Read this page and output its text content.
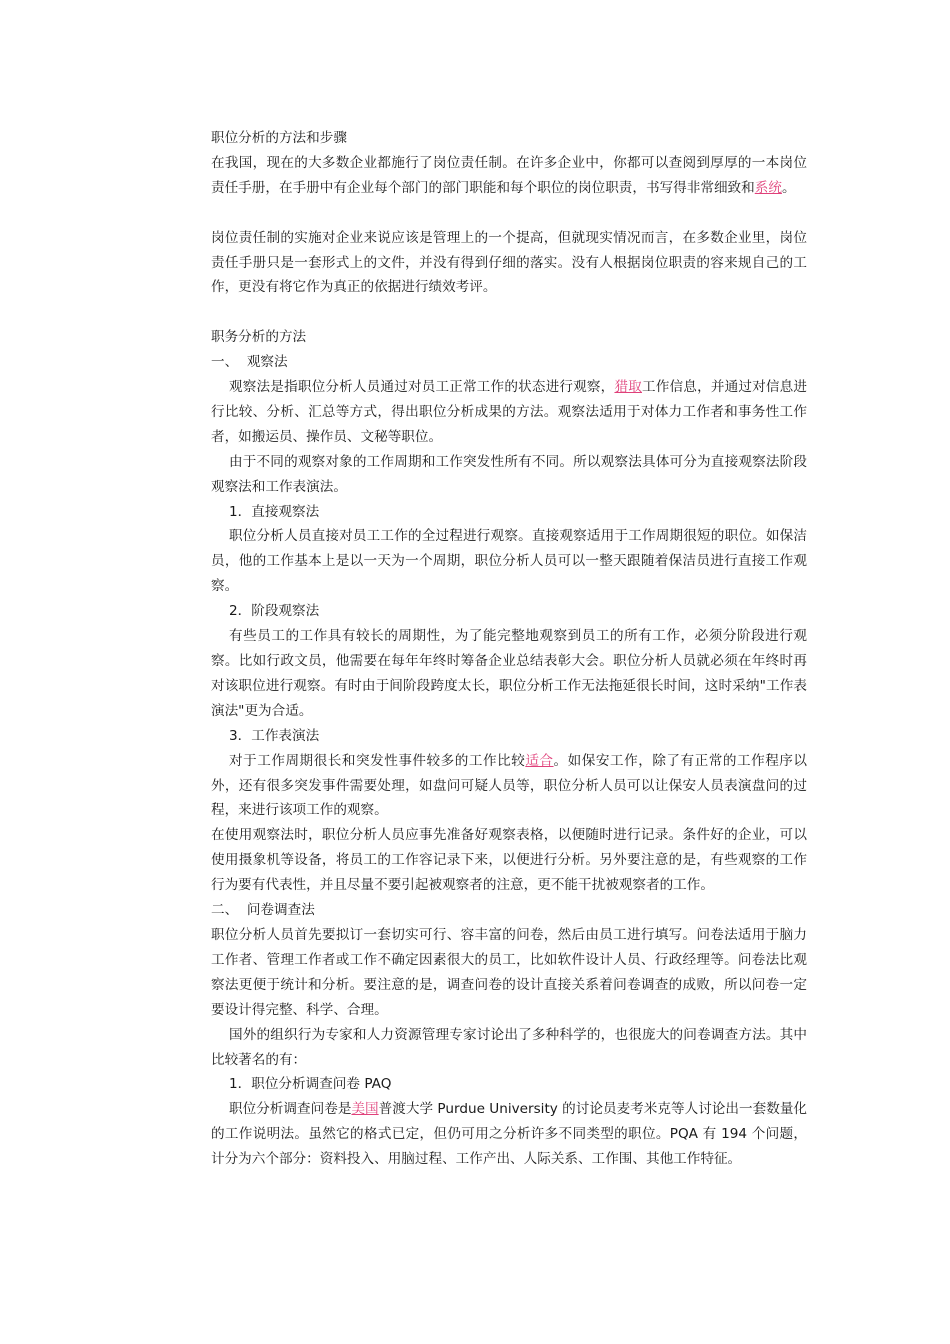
职位分析的方法和步骤

在我国，现在的大多数企业都施行了岗位责任制。在许多企业中，你都可以查阅到厚厚的一本岗位责任手册，在手册中有企业每个部门的部门职能和每个职位的岗位职责，书写得非常细致和系统。

岗位责任制的实施对企业来说应该是管理上的一个提高，但就现实情况而言，在多数企业里，岗位责任手册只是一套形式上的文件，并没有得到仔细的落实。没有人根据岗位职责的容来规自己的工作，更没有将它作为真正的依据进行绩效考评。

职务分析的方法

一、  观察法

观察法是指职位分析人员通过对员工正常工作的状态进行观察，猎取工作信息，并通过对信息进行比较、分析、汇总等方式，得出职位分析成果的方法。观察法适用于对体力工作者和事务性工作者，如搬运员、操作员、文秘等职位。

由于不同的观察对象的工作周期和工作突发性所有不同。所以观察法具体可分为直接观察法阶段观察法和工作表演法。

1．直接观察法

职位分析人员直接对员工工作的全过程进行观察。直接观察适用于工作周期很短的职位。如保洁员，他的工作基本上是以一天为一个周期，职位分析人员可以一整天跟随着保洁员进行直接工作观察。

2．阶段观察法

有些员工的工作具有较长的周期性，为了能完整地观察到员工的所有工作，必须分阶段进行观察。比如行政文员，他需要在每年年终时筹备企业总结表彰大会。职位分析人员就必须在年终时再对该职位进行观察。有时由于间阶段跨度太长，职位分析工作无法拖延很长时间，这时采纳"工作表演法"更为合适。

3．工作表演法

对于工作周期很长和突发性事件较多的工作比较适合。如保安工作，除了有正常的工作程序以外，还有很多突发事件需要处理，如盘问可疑人员等，职位分析人员可以让保安人员表演盘问的过程，来进行该项工作的观察。

在使用观察法时，职位分析人员应事先准备好观察表格，以便随时进行记录。条件好的企业，可以使用摄象机等设备，将员工的工作容记录下来，以便进行分析。另外要注意的是，有些观察的工作行为要有代表性，并且尽量不要引起被观察者的注意，更不能干扰被观察者的工作。

二、  问卷调查法

职位分析人员首先要拟订一套切实可行、容丰富的问卷，然后由员工进行填写。问卷法适用于脑力工作者、管理工作者或工作不确定因素很大的员工，比如软件设计人员、行政经理等。问卷法比观察法更便于统计和分析。要注意的是，调查问卷的设计直接关系着问卷调查的成败，所以问卷一定要设计得完整、科学、合理。

国外的组织行为专家和人力资源管理专家讨论出了多种科学的，也很庞大的问卷调查方法。其中比较著名的有：

1．职位分析调查问卷 PAQ

职位分析调查问卷是美国普渡大学 Purdue University 的讨论员麦考米克等人讨论出一套数量化的工作说明法。虽然它的格式已定，但仍可用之分析许多不同类型的职位。PQA 有 194 个问题，计分为六个部分：资料投入、用脑过程、工作产出、人际关系、工作围、其他工作特征。
